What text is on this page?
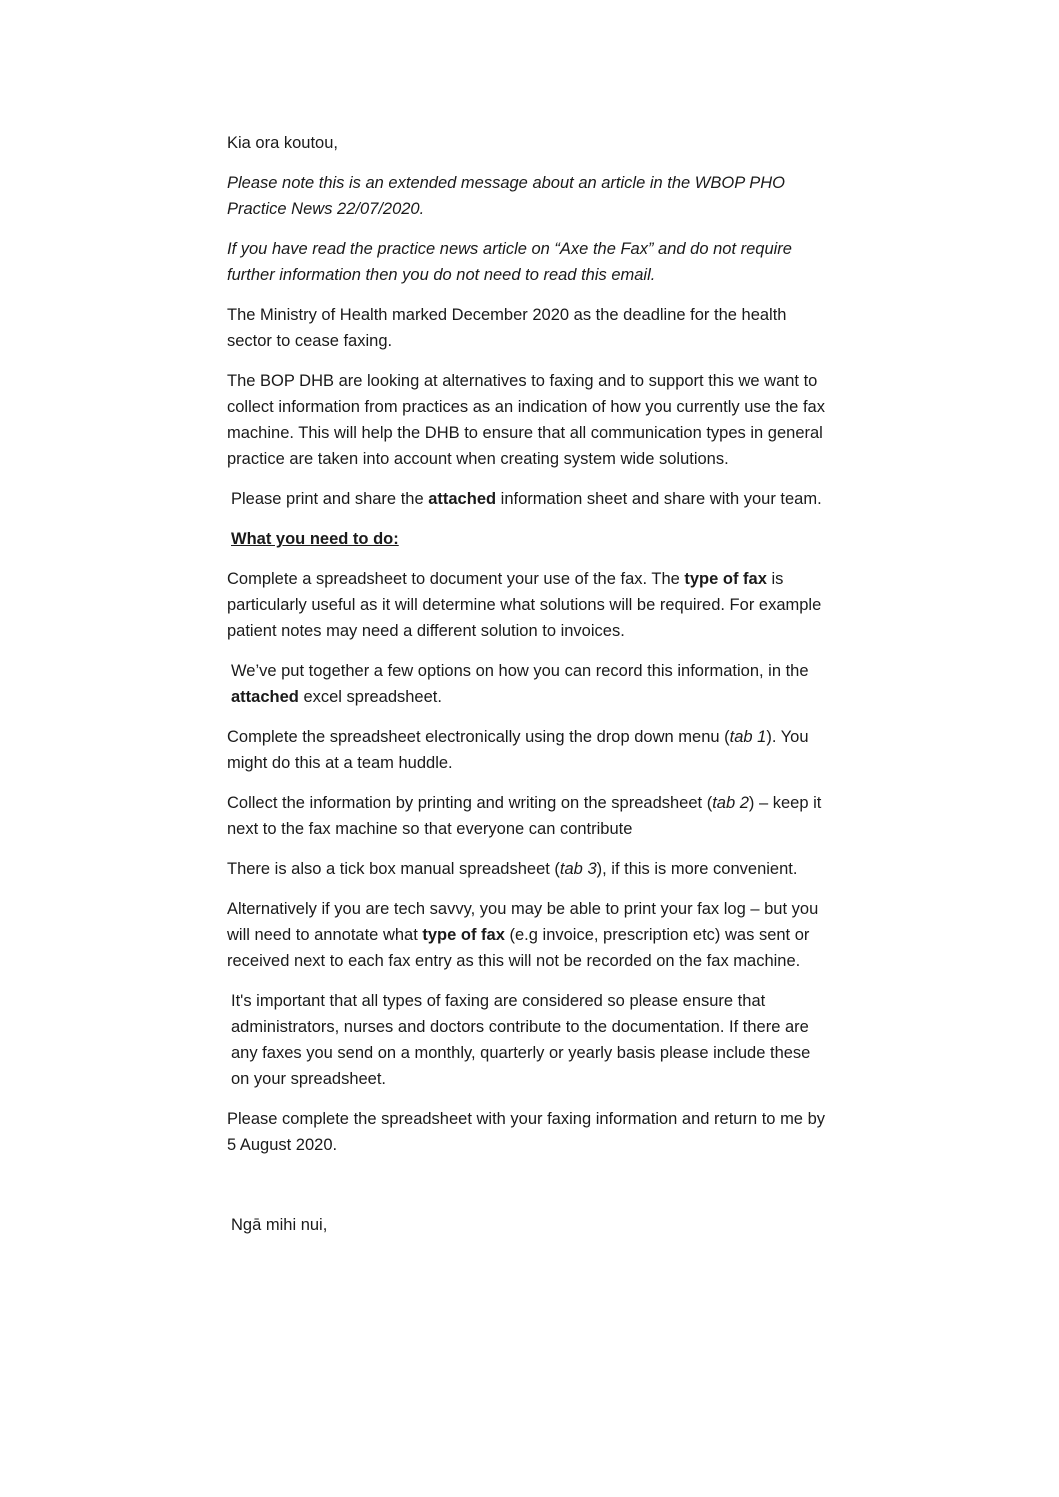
Kia ora koutou,

Please note this is an extended message about an article in the WBOP PHO Practice News 22/07/2020.

If you have read the practice news article on “Axe the Fax” and do not require further information then you do not need to read this email.

The Ministry of Health marked December 2020 as the deadline for the health sector to cease faxing.

The BOP DHB are looking at alternatives to faxing and to support this we want to collect information from practices as an indication of how you currently use the fax machine. This will help the DHB to ensure that all communication types in general practice are taken into account when creating system wide solutions.

Please print and share the attached information sheet and share with your team.

What you need to do:

Complete a spreadsheet to document your use of the fax. The type of fax is particularly useful as it will determine what solutions will be required. For example patient notes may need a different solution to invoices.

We’ve put together a few options on how you can record this information, in the attached excel spreadsheet.

Complete the spreadsheet electronically using the drop down menu (tab 1). You might do this at a team huddle.

Collect the information by printing and writing on the spreadsheet (tab 2) – keep it next to the fax machine so that everyone can contribute

There is also a tick box manual spreadsheet (tab 3), if this is more convenient.

Alternatively if you are tech savvy, you may be able to print your fax log – but you will need to annotate what type of fax (e.g invoice, prescription etc) was sent or received next to each fax entry as this will not be recorded on the fax machine.

It's important that all types of faxing are considered so please ensure that administrators, nurses and doctors contribute to the documentation. If there are any faxes you send on a monthly, quarterly or yearly basis please include these on your spreadsheet.

Please complete the spreadsheet with your faxing information and return to me by 5 August 2020.

Ngā mihi nui,
